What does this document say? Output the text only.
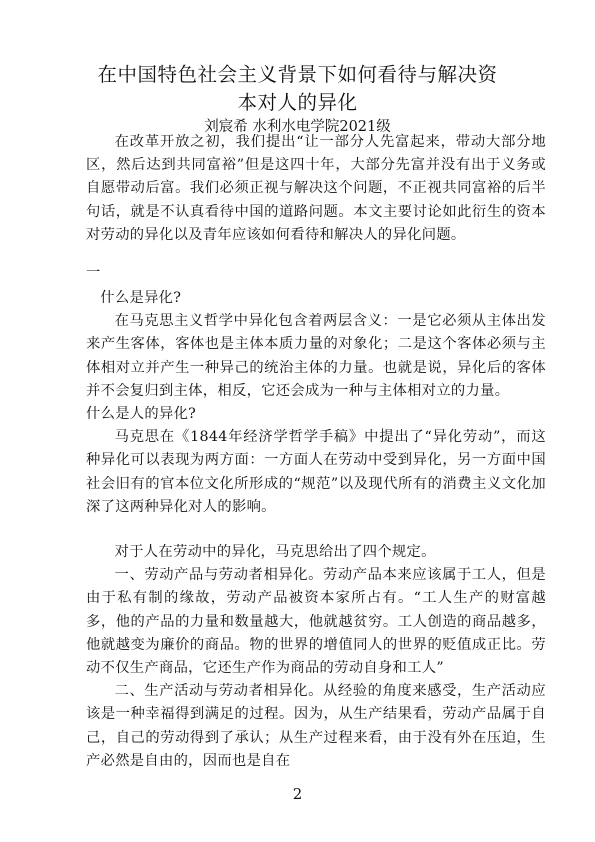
在中国特色社会主义背景下如何看待与解决资
本对人的异化
刘宸希 水利水电学院2021级

在改革开放之初，我们提出“让一部分人先富起来，带动大部分地区，然后达到共同富裕”但是这四十年，大部分先富并没有出于义务或自愿带动后富。我们必须正视与解决这个问题，不正视共同富裕的后半句话，就是不认真看待中国的道路问题。本文主要讨论如此衍生的资本对劳动的异化以及青年应该如何看待和解决人的异化问题。

一

什么是异化?

在马克思主义哲学中异化包含着两层含义：一是它必须从主体出发来产生客体，客体也是主体本质力量的对象化；二是这个客体必须与主体相对立并产生一种异己的统治主体的力量。也就是说，异化后的客体并不会复归到主体，相反，它还会成为一种与主体相对立的力量。

什么是人的异化?

马克思在《1844年经济学哲学手稿》中提出了“异化劳动”，而这种异化可以表现为两方面：一方面人在劳动中受到异化，另一方面中国社会旧有的官本位文化所形成的“规范”以及现代所有的消费主义文化加深了这两种异化对人的影响。

对于人在劳动中的异化，马克思给出了四个规定。

一、劳动产品与劳动者相异化。劳动产品本来应该属于工人，但是由于私有制的缘故，劳动产品被资本家所占有。“工人生产的财富越多，他的产品的力量和数量越大，他就越贫穷。工人创造的商品越多，他就越变为廉价的商品。物的世界的增值同人的世界的贬值成正比。劳动不仅生产商品，它还生产作为商品的劳动自身和工人”

二、生产活动与劳动者相异化。从经验的角度来感受，生产活动应该是一种幸福得到满足的过程。因为，从生产结果看，劳动产品属于自己，自己的劳动得到了承认；从生产过程来看，由于没有外在压迫，生产必然是自由的，因而也是自在

2
